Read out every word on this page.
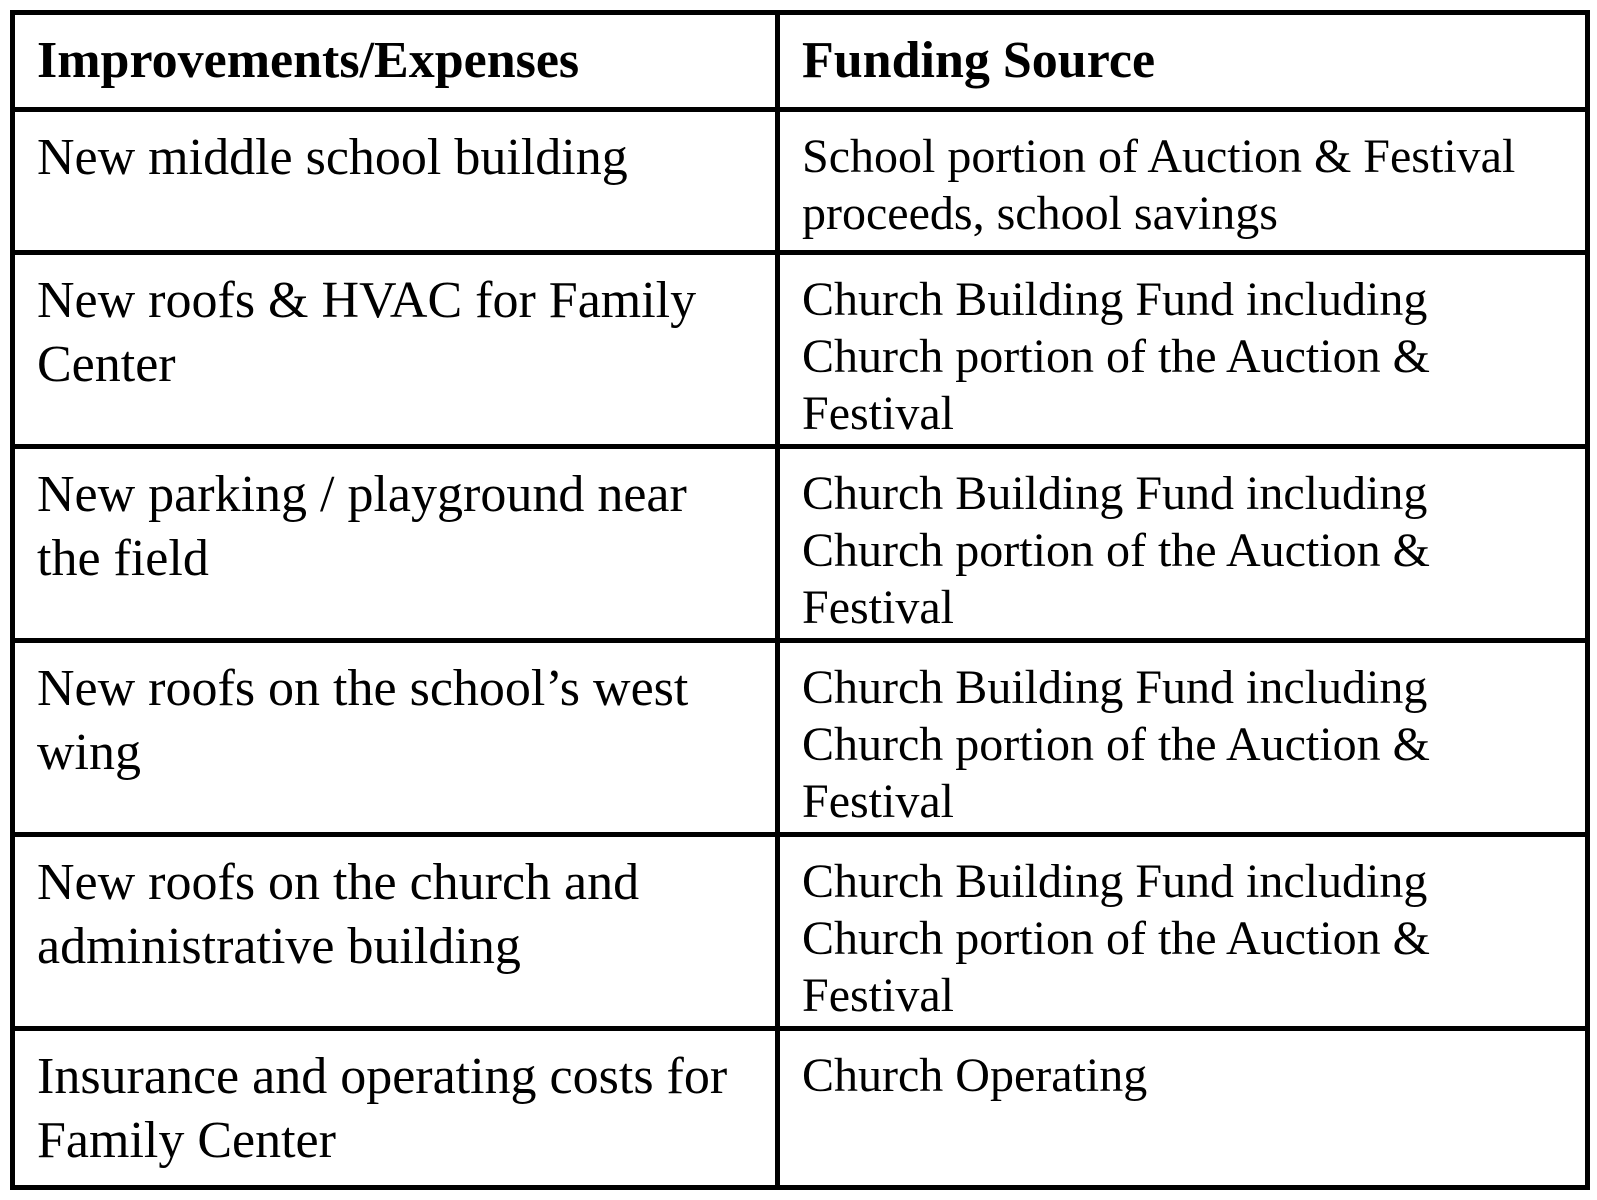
Improvements/Expenses	Funding Source
New middle school building	School portion of Auction & Festival proceeds, school savings
New roofs & HVAC for Family Center	Church Building Fund including Church portion of the Auction & Festival
New parking / playground near the field	Church Building Fund including Church portion of the Auction & Festival
New roofs on the school’s west wing	Church Building Fund including Church portion of the Auction & Festival
New roofs on the church and administrative building	Church Building Fund including Church portion of the Auction & Festival
Insurance and operating costs for Family Center	Church Operating
